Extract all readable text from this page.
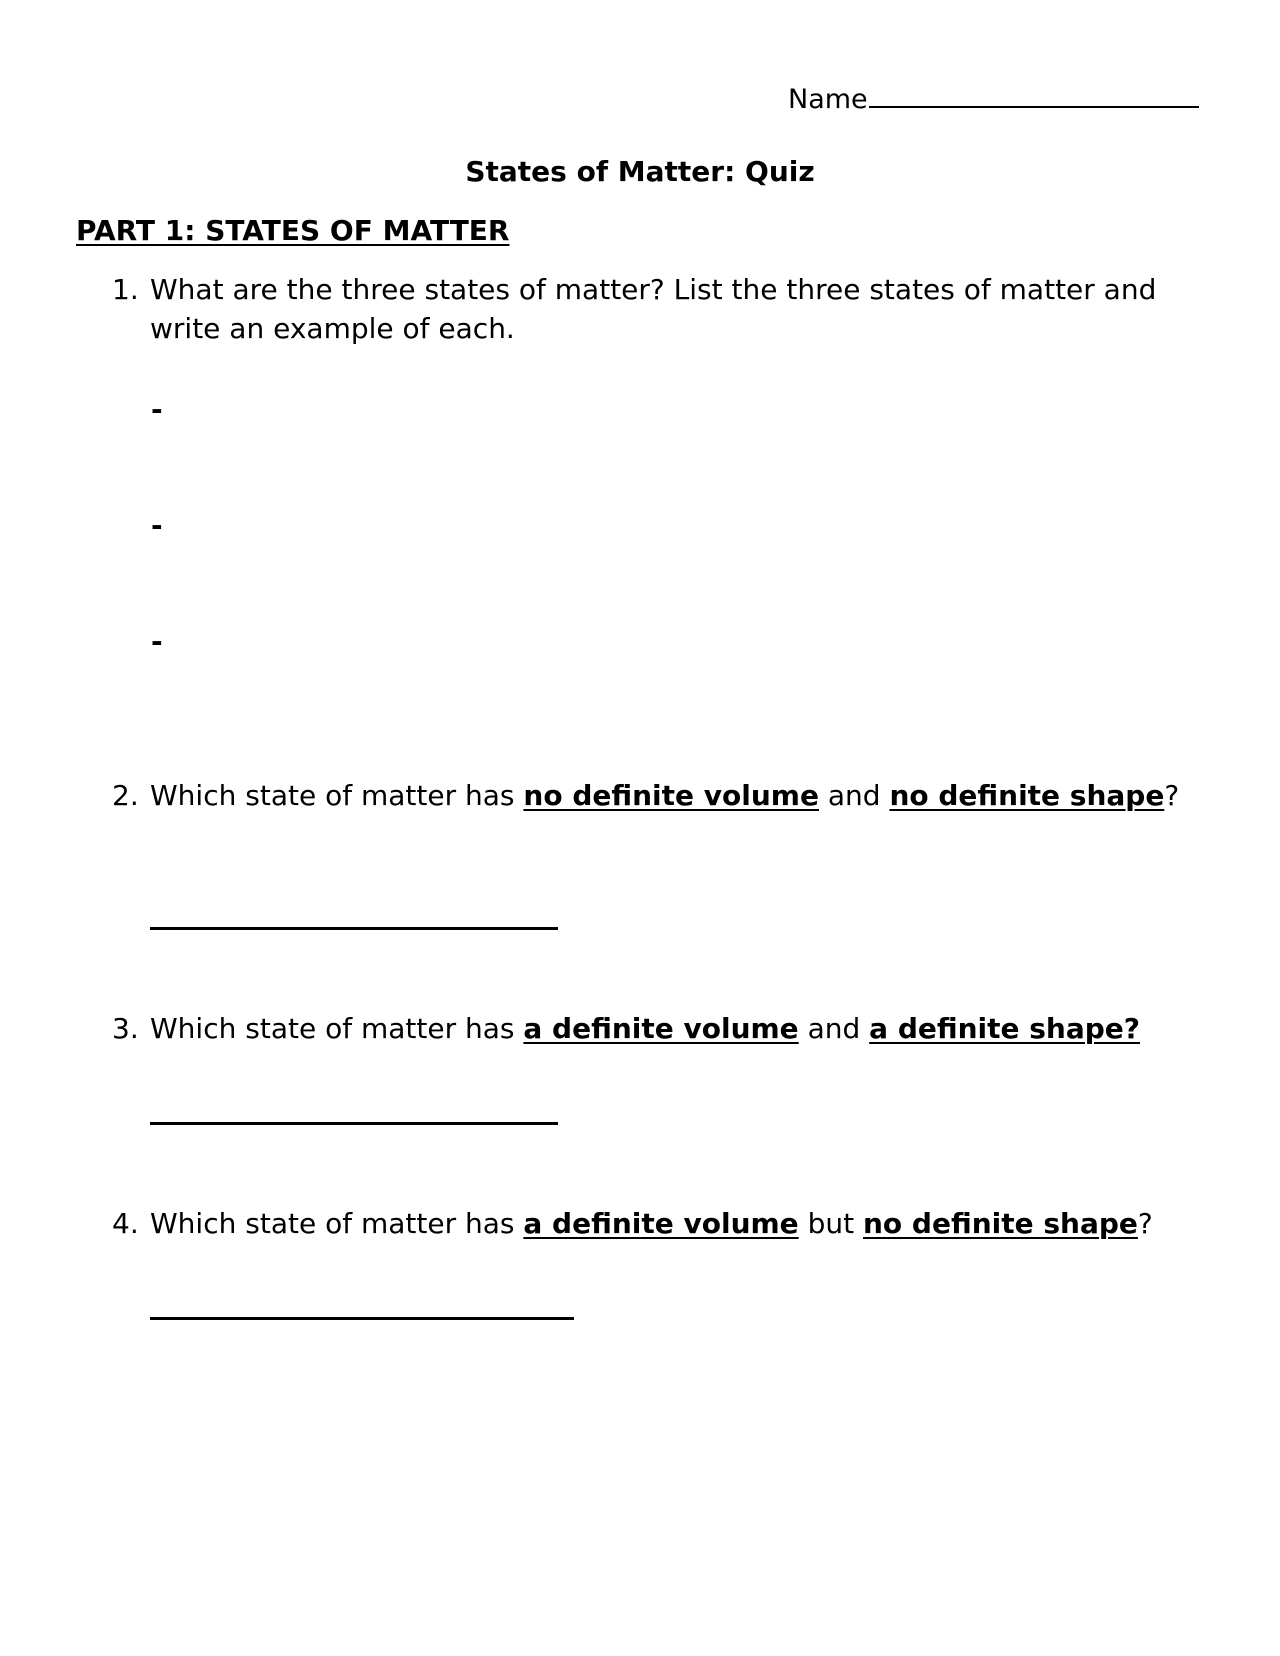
Name
States of Matter: Quiz
PART 1: STATES OF MATTER
1. What are the three states of matter? List the three states of matter and write an example of each.
-
-
-
2. Which state of matter has no definite volume and no definite shape?
3. Which state of matter has a definite volume and a definite shape?
4. Which state of matter has a definite volume but no definite shape?
